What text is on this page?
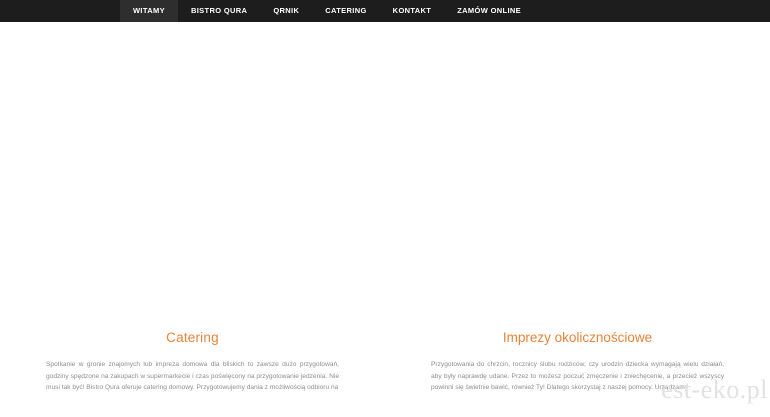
WITAMY	BISTRO QURA	QRNIK	CATERING	KONTAKT	ZAMÓW ONLINE
Catering

Spotkanie w gronie znajomych lub impreza domowa dla bliskich to zawsze dużo przygotowań, godziny spędzone na zakupach w supermarkecie i czas poświęcony na przygotowanie jedzenia. Nie musi tak być! Bistro Qura oferuje catering domowy. Przygotowujemy dania z możliwością odbioru na

Imprezy okolicznościowe

Przygotowania do chrzcin, rocznicy ślubu rodziców, czy urodzin dziecka wymagają wielu działań, aby były naprawdę udane. Przez to możesz poczuć zmęczenie i zniechęcenie, a przecież wszyscy powinni się świetnie bawić, również Ty! Dlatego skorzystaj z naszej pomocy. Urządzamy

est-eko.pl
